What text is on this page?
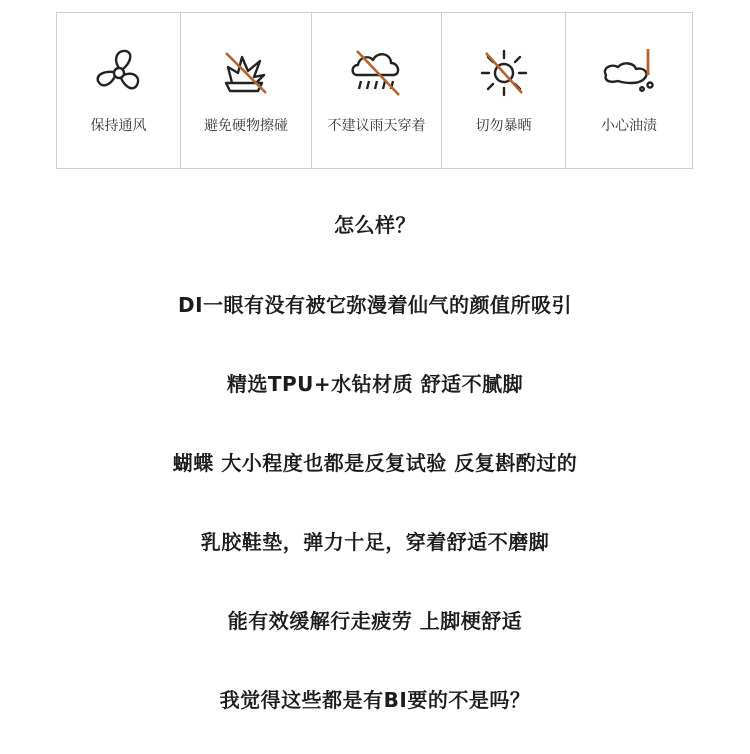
保持通风	避免硬物擦碰	不建议雨天穿着	切勿暴晒	小心油渍
怎么样？
DI一眼有没有被它弥漫着仙气的颜值所吸引
精选TPU+水钻材质 舒适不腻脚
蝴蝶 大小程度也都是反复试验 反复斟酌过的
乳胶鞋垫，弹力十足，穿着舒适不磨脚
能有效缓解行走疲劳 上脚梗舒适
我觉得这些都是有BI要的不是吗？
